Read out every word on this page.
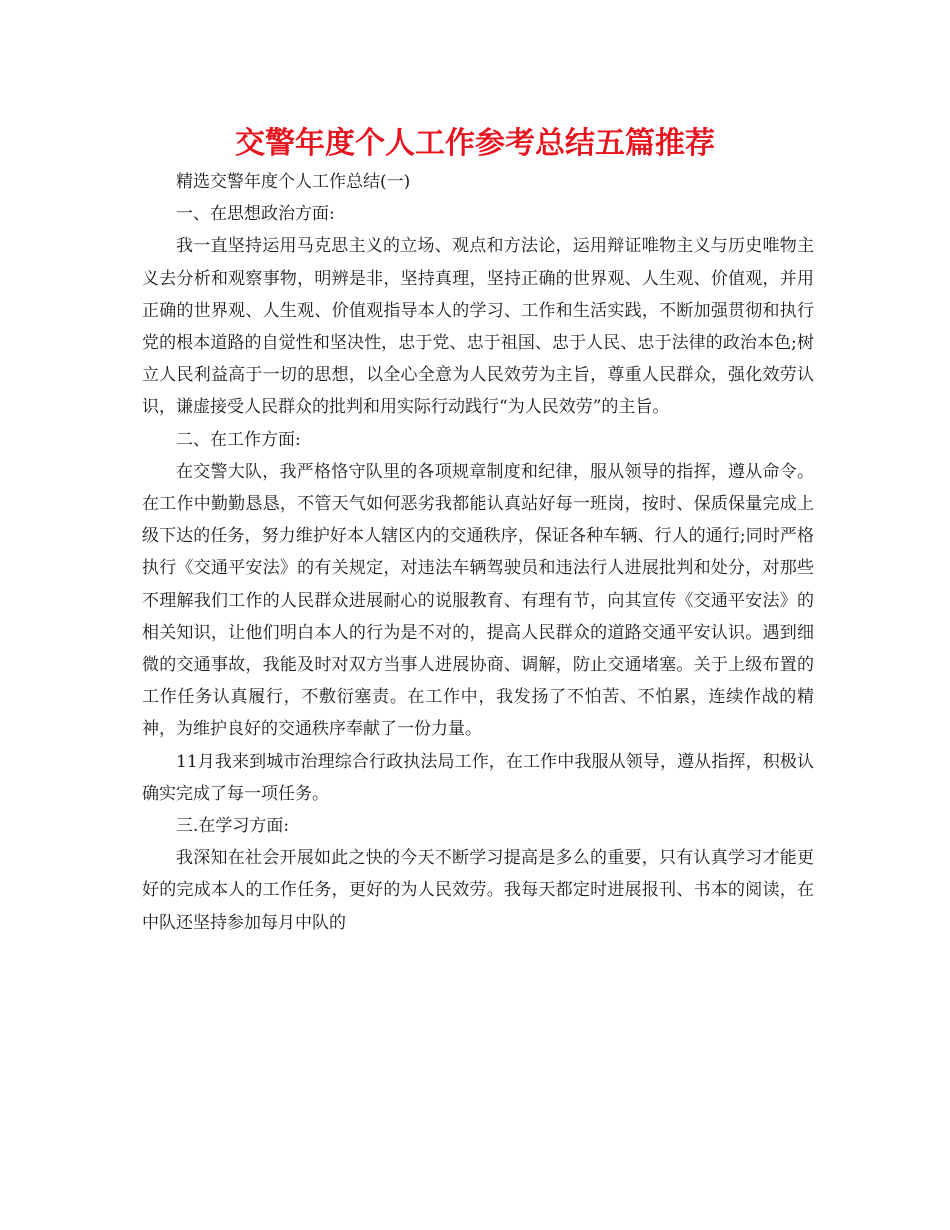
交警年度个人工作参考总结五篇推荐

精选交警年度个人工作总结(一)

一、在思想政治方面:

我一直坚持运用马克思主义的立场、观点和方法论，运用辩证唯物主义与历史唯物主义去分析和观察事物，明辨是非，坚持真理，坚持正确的世界观、人生观、价值观，并用正确的世界观、人生观、价值观指导本人的学习、工作和生活实践，不断加强贯彻和执行党的根本道路的自觉性和坚决性，忠于党、忠于祖国、忠于人民、忠于法律的政治本色;树立人民利益高于一切的思想，以全心全意为人民效劳为主旨，尊重人民群众，强化效劳认识，谦虚接受人民群众的批判和用实际行动践行“为人民效劳”的主旨。

二、在工作方面:

在交警大队，我严格恪守队里的各项规章制度和纪律，服从领导的指挥，遵从命令。在工作中勤勤恳恳，不管天气如何恶劣我都能认真站好每一班岗，按时、保质保量完成上级下达的任务，努力维护好本人辖区内的交通秩序，保证各种车辆、行人的通行;同时严格执行《交通平安法》的有关规定，对违法车辆驾驶员和违法行人进展批判和处分，对那些不理解我们工作的人民群众进展耐心的说服教育、有理有节，向其宣传《交通平安法》的相关知识，让他们明白本人的行为是不对的，提高人民群众的道路交通平安认识。遇到细微的交通事故，我能及时对双方当事人进展协商、调解，防止交通堵塞。关于上级布置的工作任务认真履行，不敷衍塞责。在工作中，我发扬了不怕苦、不怕累，连续作战的精神，为维护良好的交通秩序奉献了一份力量。

11月我来到城市治理综合行政执法局工作，在工作中我服从领导，遵从指挥，积极认确实完成了每一项任务。

三.在学习方面:

我深知在社会开展如此之快的今天不断学习提高是多么的重要，只有认真学习才能更好的完成本人的工作任务，更好的为人民效劳。我每天都定时进展报刊、书本的阅读，在中队还坚持参加每月中队的
